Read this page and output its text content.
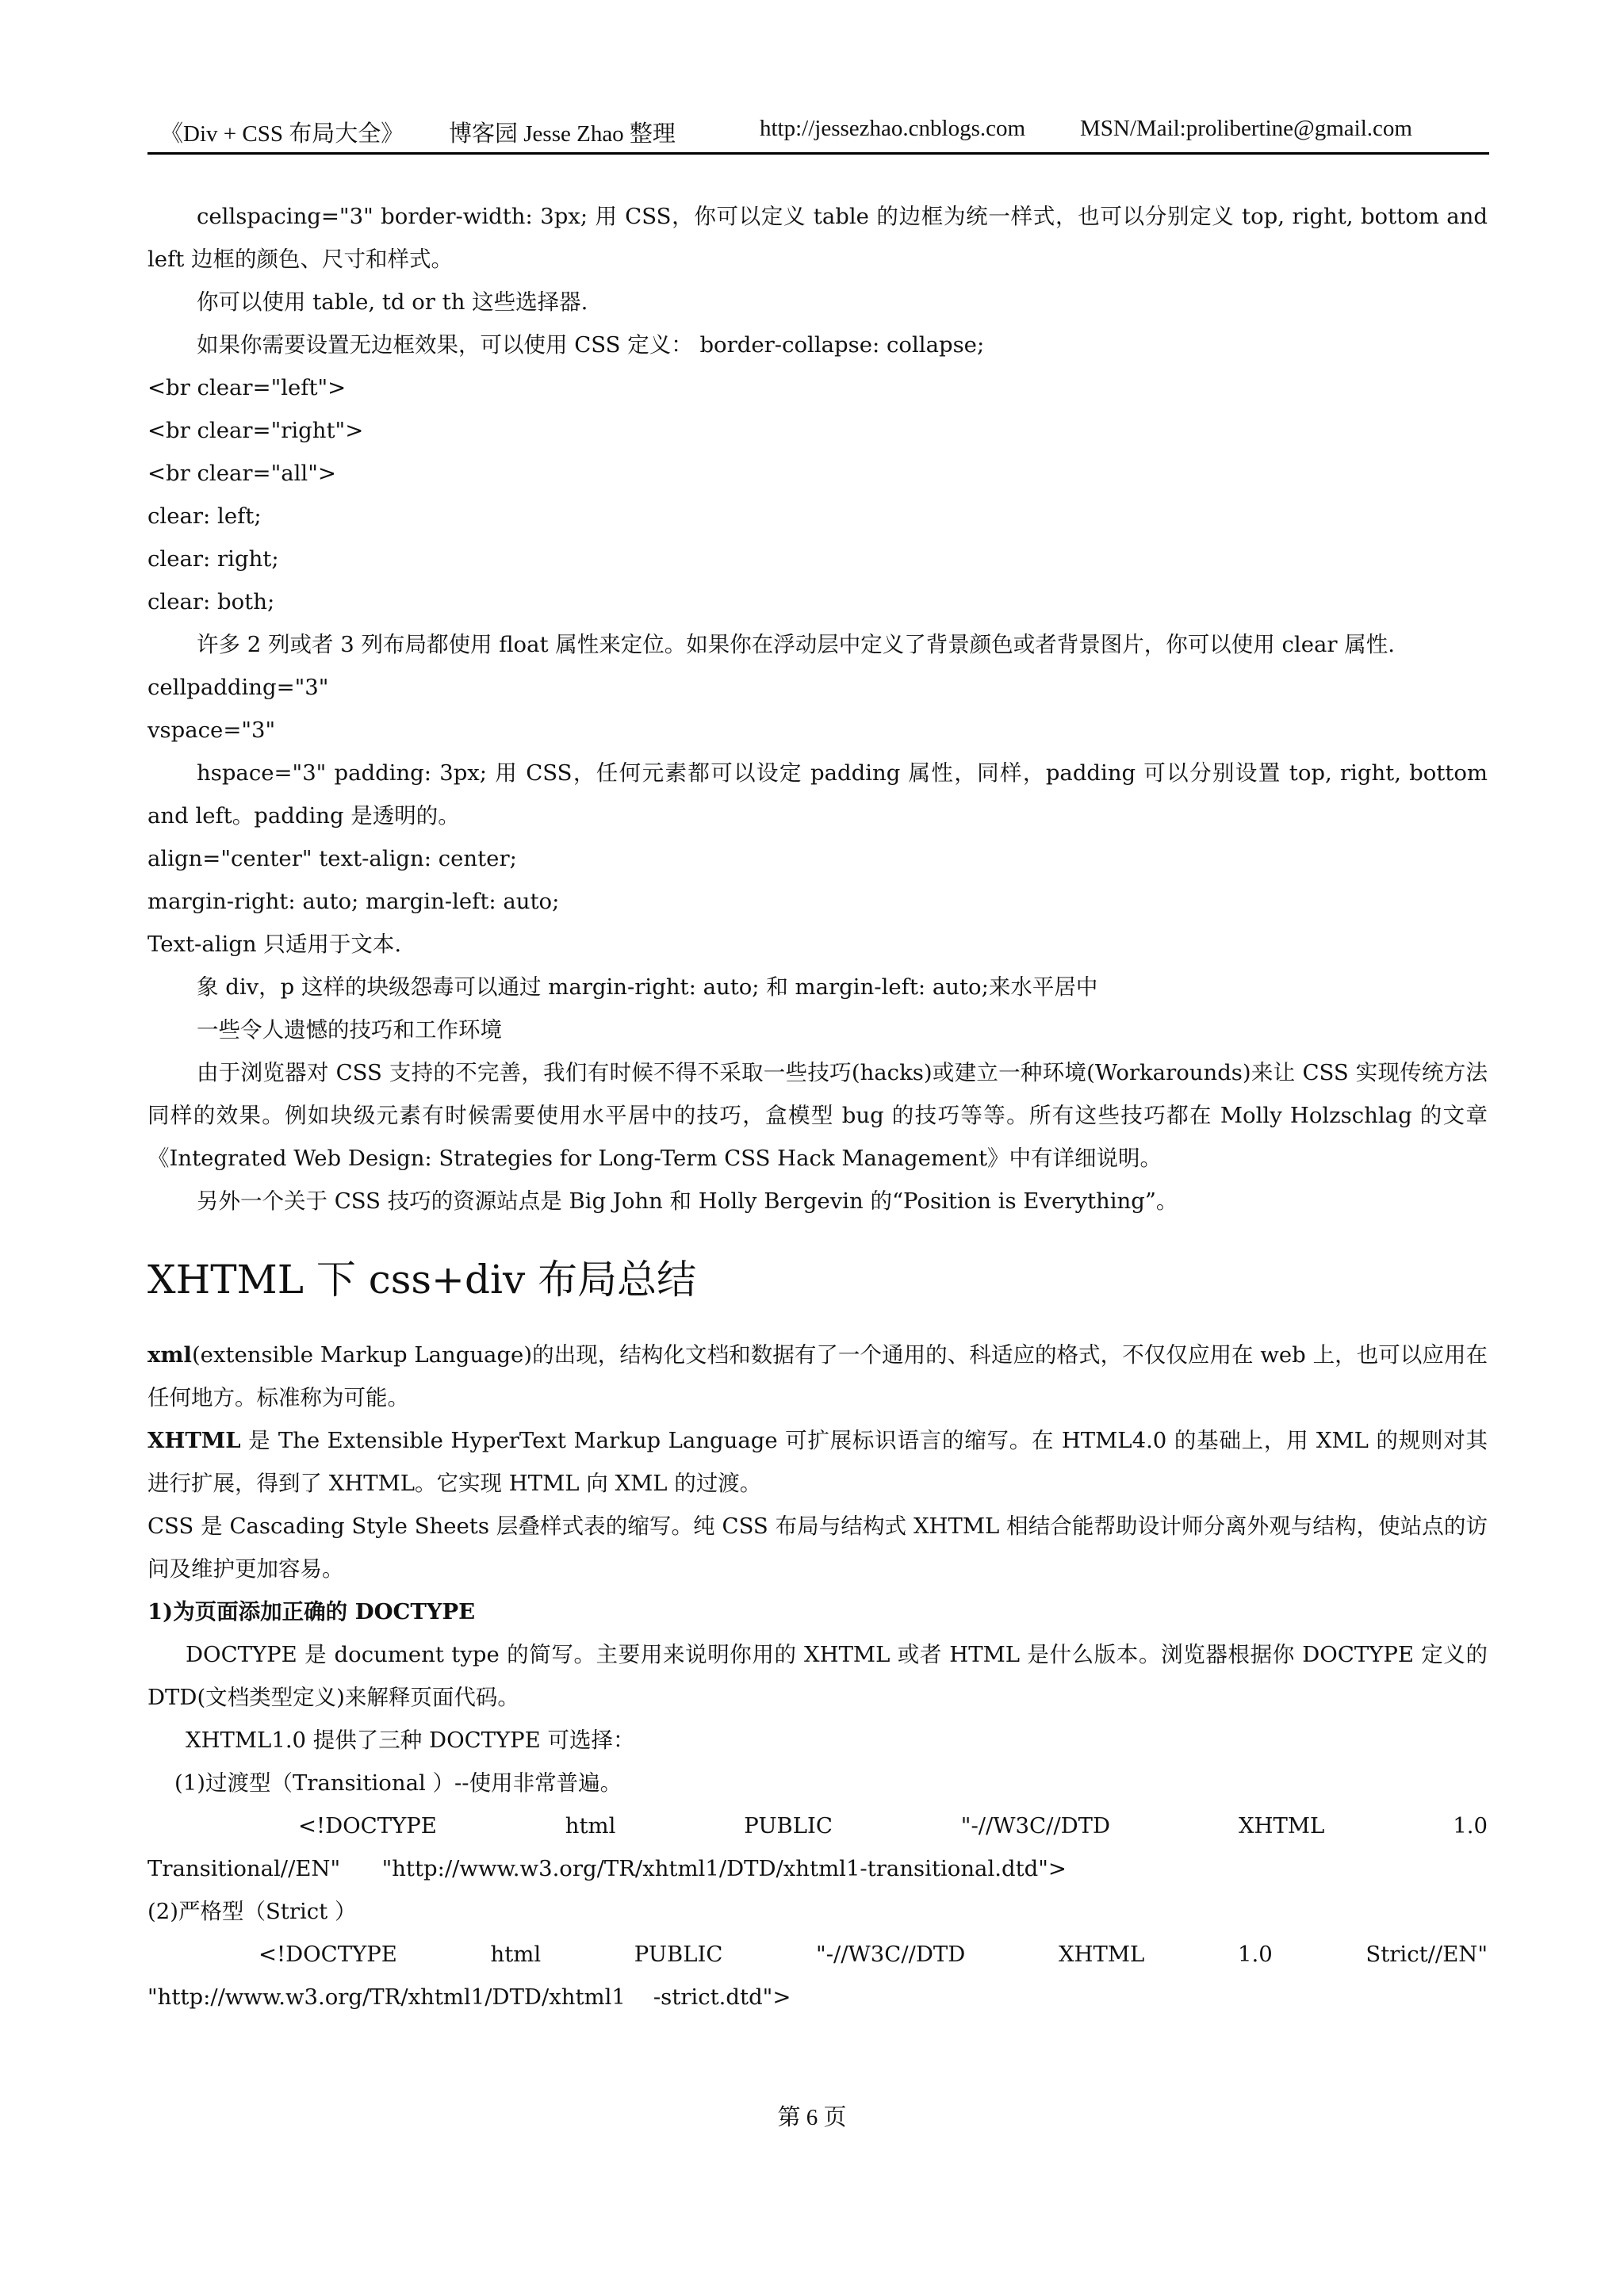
《Div + CSS 布局大全》 博客园 Jesse Zhao 整理	http://jessezhao.cnblogs.com MSN/Mail:prolibertine@gmail.com

cellspacing="3" border-width: 3px; 用 CSS，你可以定义 table 的边框为统一样式，也可以分别定义 top, right, bottom and left 边框的颜色、尺寸和样式。

你可以使用 table, td or th 这些选择器.

如果你需要设置无边框效果，可以使用 CSS 定义： border-collapse: collapse;

<br clear="left">

<br clear="right">

<br clear="all">

clear: left;

clear: right;

clear: both;

许多 2 列或者 3 列布局都使用 float 属性来定位。如果你在浮动层中定义了背景颜色或者背景图片，你可以使用 clear 属性.

cellpadding="3"

vspace="3"

hspace="3" padding: 3px; 用 CSS，任何元素都可以设定 padding 属性，同样，padding 可以分别设置 top, right, bottom and left。padding 是透明的。

align="center" text-align: center;

margin-right: auto; margin-left: auto;

Text-align 只适用于文本.

象 div，p 这样的块级怨毒可以通过 margin-right: auto; 和 margin-left: auto;来水平居中

一些令人遗憾的技巧和工作环境

由于浏览器对 CSS 支持的不完善，我们有时候不得不采取一些技巧(hacks)或建立一种环境(Workarounds)来让 CSS 实现传统方法同样的效果。例如块级元素有时候需要使用水平居中的技巧，盒模型 bug 的技巧等等。所有这些技巧都在 Molly Holzschlag 的文章《Integrated Web Design: Strategies for Long-Term CSS Hack Management》中有详细说明。

另外一个关于 CSS 技巧的资源站点是 Big John 和 Holly Bergevin 的“Position is Everything”。

XHTML 下 css+div 布局总结

xml(extensible Markup Language)的出现，结构化文档和数据有了一个通用的、科适应的格式，不仅仅应用在 web 上，也可以应用在任何地方。标准称为可能。

XHTML 是 The Extensible HyperText Markup Language 可扩展标识语言的缩写。在 HTML4.0 的基础上，用 XML 的规则对其进行扩展，得到了 XHTML。它实现 HTML 向 XML 的过渡。

CSS 是 Cascading Style Sheets 层叠样式表的缩写。纯 CSS 布局与结构式 XHTML 相结合能帮助设计师分离外观与结构，使站点的访问及维护更加容易。

1)为页面添加正确的 DOCTYPE

DOCTYPE 是 document type 的简写。主要用来说明你用的 XHTML 或者 HTML 是什么版本。浏览器根据你 DOCTYPE 定义的 DTD(文档类型定义)来解释页面代码。

XHTML1.0 提供了三种 DOCTYPE 可选择：

(1)过渡型（Transitional ）--使用非常普遍。

<!DOCTYPE	html	PUBLIC	"-//W3C//DTD	XHTML	1.0

Transitional//EN"      "http://www.w3.org/TR/xhtml1/DTD/xhtml1-transitional.dtd">

(2)严格型（Strict ）

<!DOCTYPE	html	PUBLIC	"-//W3C//DTD	XHTML	1.0	Strict//EN"

"http://www.w3.org/TR/xhtml1/DTD/xhtml1    -strict.dtd">

第 6 页
